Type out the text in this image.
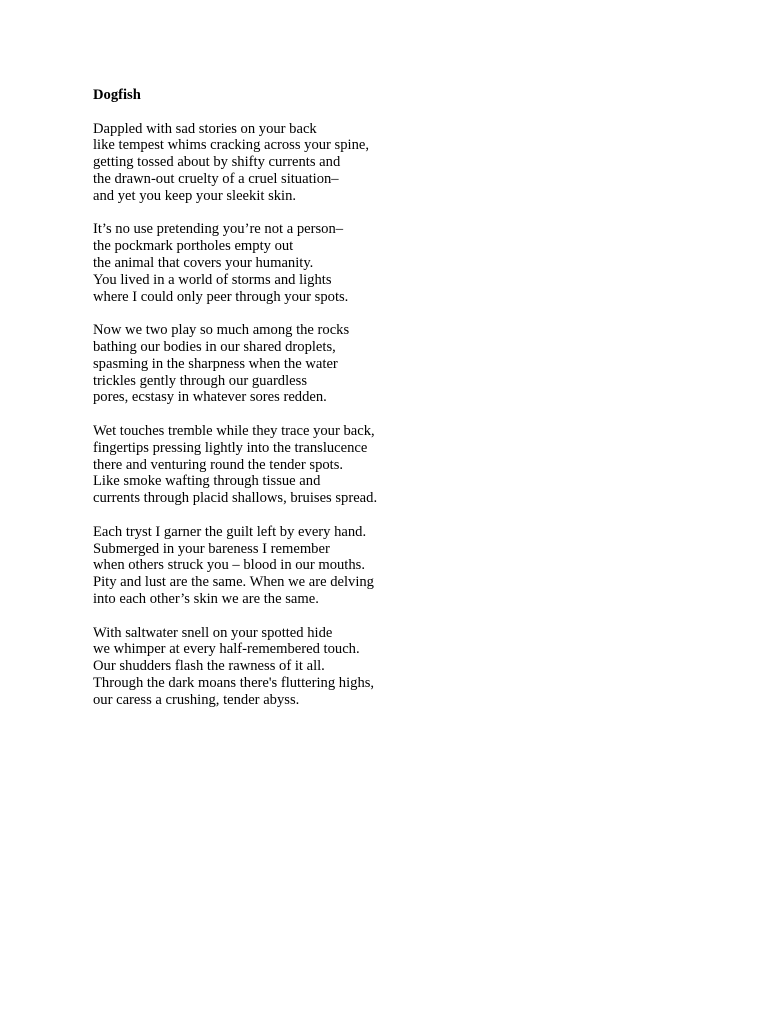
Dogfish
Dappled with sad stories on your back
like tempest whims cracking across your spine,
getting tossed about by shifty currents and
the drawn-out cruelty of a cruel situation–
and yet you keep your sleekit skin.
It’s no use pretending you’re not a person–
the pockmark portholes empty out
the animal that covers your humanity.
You lived in a world of storms and lights
where I could only peer through your spots.
Now we two play so much among the rocks
bathing our bodies in our shared droplets,
spasming in the sharpness when the water
trickles gently through our guardless
pores, ecstasy in whatever sores redden.
Wet touches tremble while they trace your back,
fingertips pressing lightly into the translucence
there and venturing round the tender spots.
Like smoke wafting through tissue and
currents through placid shallows, bruises spread.
Each tryst I garner the guilt left by every hand.
Submerged in your bareness I remember
when others struck you – blood in our mouths.
Pity and lust are the same. When we are delving
into each other’s skin we are the same.
With saltwater snell on your spotted hide
we whimper at every half-remembered touch.
Our shudders flash the rawness of it all.
Through the dark moans there's fluttering highs,
our caress a crushing, tender abyss.
